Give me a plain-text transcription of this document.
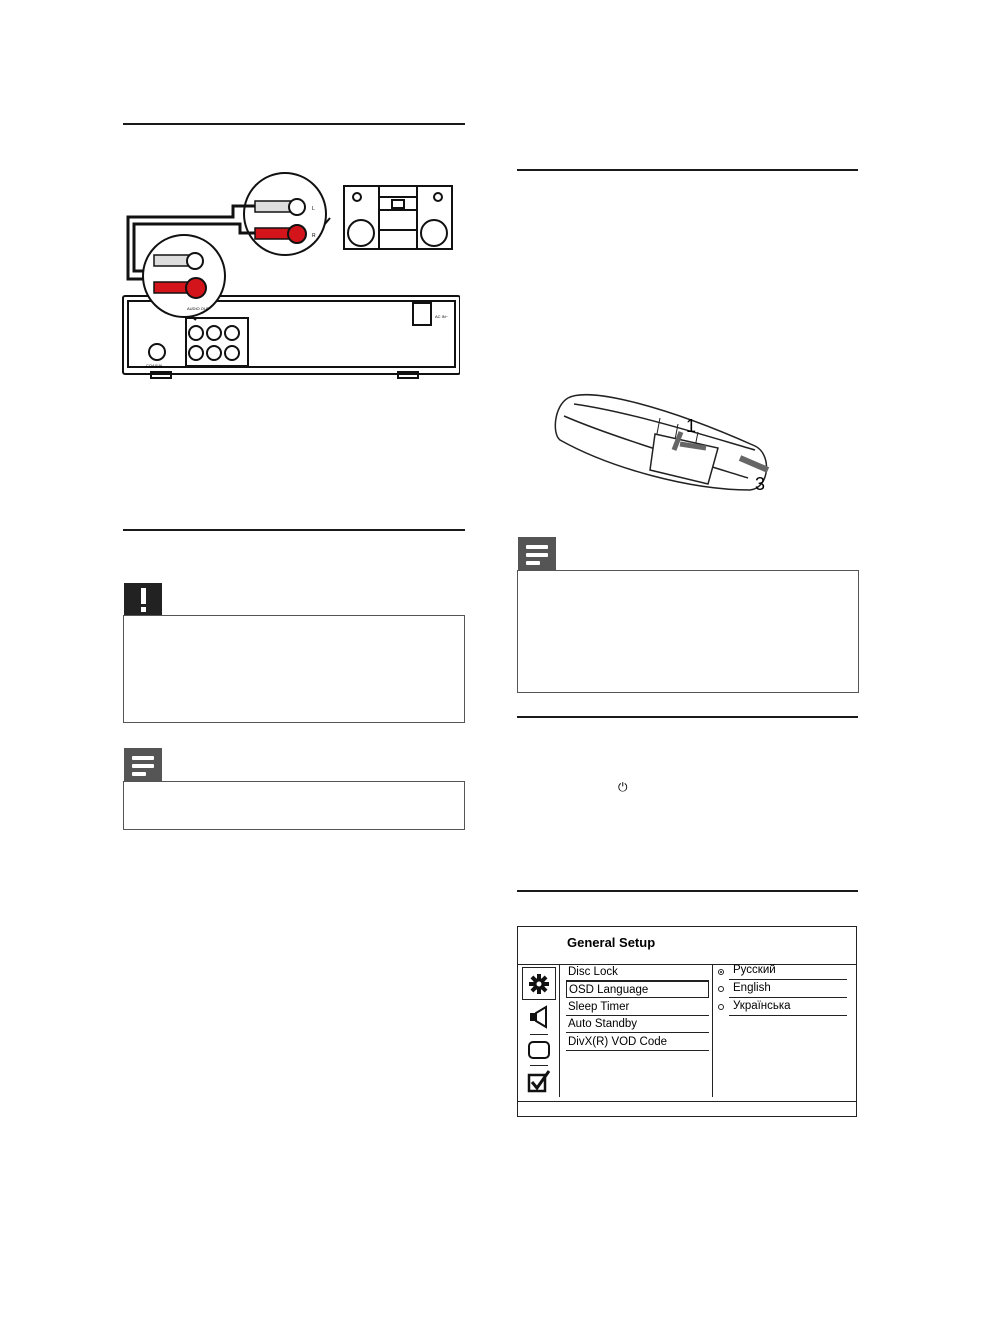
L
R
COAXIAL
AC IN~
AUDIO OUT
1
3
⏻
General Setup
Disc Lock
OSD Language
Sleep Timer
Auto Standby
DivX(R) VOD Code
Русский
English
Українська
